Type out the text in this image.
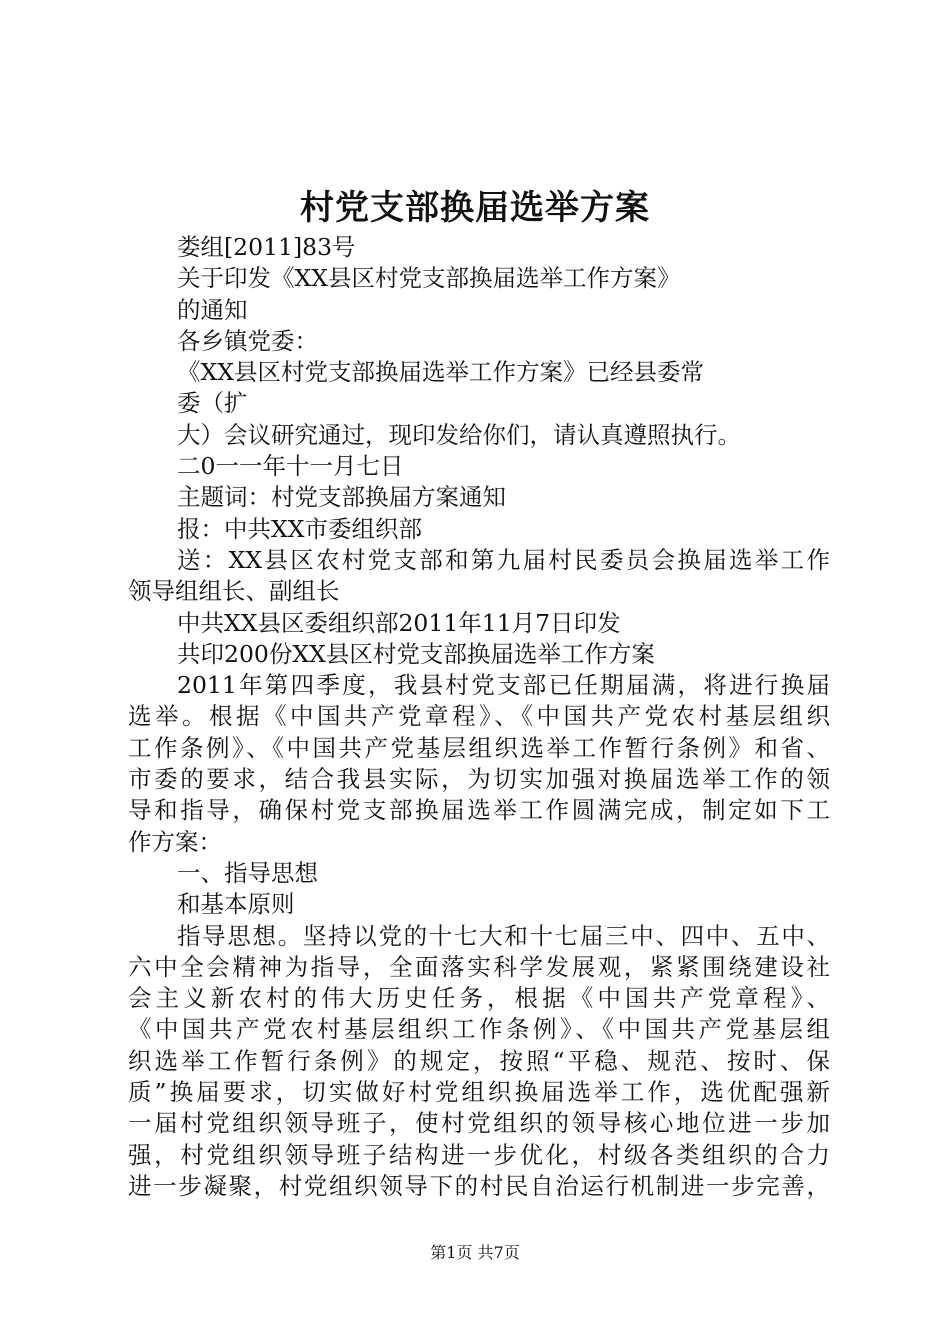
村党支部换届选举方案
娄组[2011]83号
关于印发《XX县区村党支部换届选举工作方案》
的通知
各乡镇党委：
《XX县区村党支部换届选举工作方案》已经县委常
委（扩
大）会议研究通过，现印发给你们，请认真遵照执行。
二0一一年十一月七日
主题词：村党支部换届方案通知
报：中共XX市委组织部
送：XX县区农村党支部和第九届村民委员会换届选举工作
领导组组长、副组长
中共XX县区委组织部2011年11月7日印发
共印200份XX县区村党支部换届选举工作方案
2011年第四季度，我县村党支部已任期届满，将进行换届
选举。根据《中国共产党章程》、《中国共产党农村基层组织
工作条例》、《中国共产党基层组织选举工作暂行条例》和省、
市委的要求，结合我县实际，为切实加强对换届选举工作的领
导和指导，确保村党支部换届选举工作圆满完成，制定如下工
作方案：
一、指导思想
和基本原则
指导思想。坚持以党的十七大和十七届三中、四中、五中、
六中全会精神为指导，全面落实科学发展观，紧紧围绕建设社
会主义新农村的伟大历史任务，根据《中国共产党章程》、
《中国共产党农村基层组织工作条例》、《中国共产党基层组
织选举工作暂行条例》的规定，按照“平稳、规范、按时、保
质”换届要求，切实做好村党组织换届选举工作，选优配强新
一届村党组织领导班子，使村党组织的领导核心地位进一步加
强，村党组织领导班子结构进一步优化，村级各类组织的合力
进一步凝聚，村党组织领导下的村民自治运行机制进一步完善，
第1页 共7页
